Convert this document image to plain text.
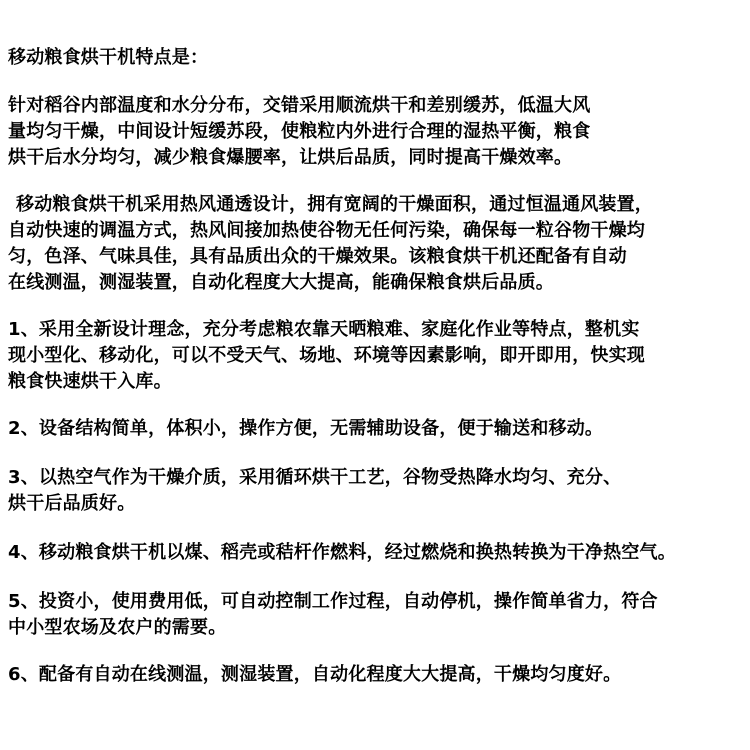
移动粮食烘干机特点是：
针对稻谷内部温度和水分分布，交错采用顺流烘干和差别缓苏，低温大风
量均匀干燥，中间设计短缓苏段，使粮粒内外进行合理的湿热平衡，粮食
烘干后水分均匀，减少粮食爆腰率，让烘后品质，同时提高干燥效率。
移动粮食烘干机采用热风通透设计，拥有宽阔的干燥面积，通过恒温通风装置，
自动快速的调温方式，热风间接加热使谷物无任何污染，确保每一粒谷物干燥均
匀，色泽、气味具佳，具有品质出众的干燥效果。该粮食烘干机还配备有自动
在线测温，测湿装置，自动化程度大大提高，能确保粮食烘后品质。
1、采用全新设计理念，充分考虑粮农靠天晒粮难、家庭化作业等特点，整机实
现小型化、移动化，可以不受天气、场地、环境等因素影响，即开即用，快实现
粮食快速烘干入库。
2、设备结构简单，体积小，操作方便，无需辅助设备，便于输送和移动。
3、以热空气作为干燥介质，采用循环烘干工艺，谷物受热降水均匀、充分、
烘干后品质好。
4、移动粮食烘干机以煤、稻壳或秸杆作燃料，经过燃烧和换热转换为干净热空气。
5、投资小，使用费用低，可自动控制工作过程，自动停机，操作简单省力，符合
中小型农场及农户的需要。
6、配备有自动在线测温，测湿装置，自动化程度大大提高，干燥均匀度好。
